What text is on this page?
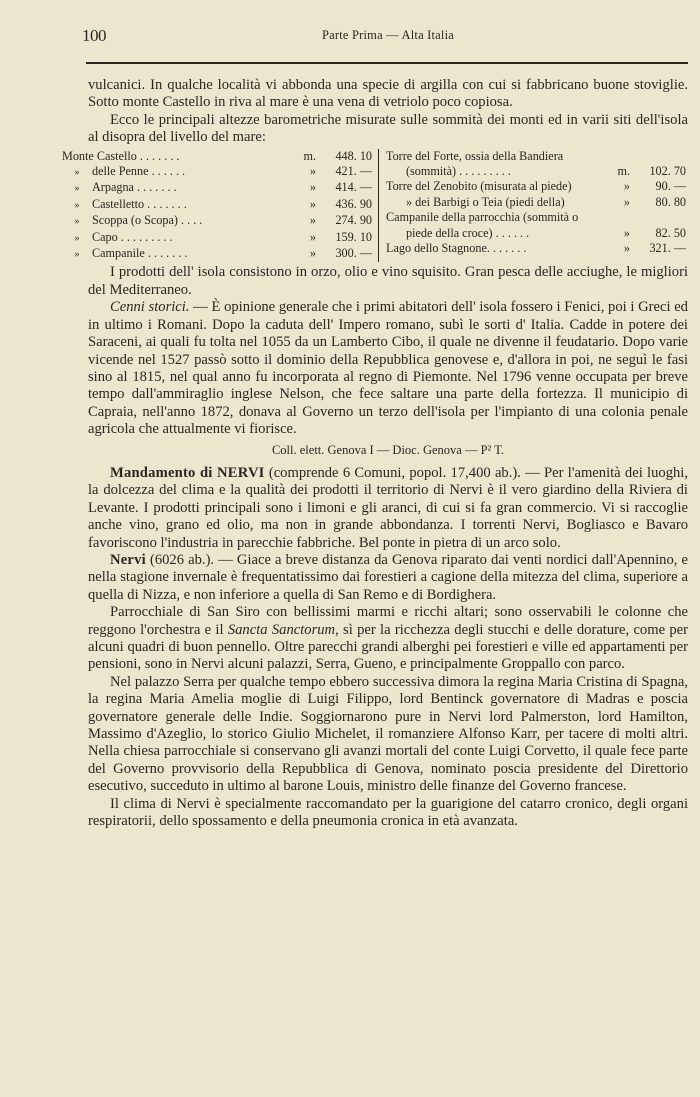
100	Parte Prima — Alta Italia

vulcanici. In qualche località vi abbonda una specie di argilla con cui si fabbricano buone stoviglie. Sotto monte Castello in riva al mare è una vena di vetriolo poco copiosa.

Ecco le principali altezze barometriche misurate sulle sommità dei monti ed in varii siti dell'isola al disopra del livello del mare:

Monte Castello . . . . . . .	m.	448. 10
» delle Penne . . . . . .	»	421. —
» Arpagna . . . . . . .	»	414. —
» Castelletto . . . . . . .	»	436. 90
» Scoppa (o Scopa) . . . .	»	274. 90
» Capo . . . . . . . . .	»	159. 10
» Campanile . . . . . . .	»	300. —
Torre del Forte, ossia della Bandiera
(sommità) . . . . . . . . .	m.	102. 70
Torre del Zenobito (misurata al piede)	»	90. —
» dei Barbigi o Teia (piedi della)	»	80. 80
Campanile della parrocchia (sommità o
piede della croce) . . . . . .	»	82. 50
Lago dello Stagnone. . . . . . .	»	321. —

I prodotti dell' isola consistono in orzo, olio e vino squisito. Gran pesca delle acciughe, le migliori del Mediterraneo.

Cenni storici. — È opinione generale che i primi abitatori dell' isola fossero i Fenici, poi i Greci ed in ultimo i Romani. Dopo la caduta dell' Impero romano, subì le sorti d' Italia. Cadde in potere dei Saraceni, ai quali fu tolta nel 1055 da un Lamberto Cibo, il quale ne divenne il feudatario. Dopo varie vicende nel 1527 passò sotto il dominio della Repubblica genovese e, d'allora in poi, ne seguì le fasi sino al 1815, nel qual anno fu incorporata al regno di Piemonte. Nel 1796 venne occupata per breve tempo dall'ammiraglio inglese Nelson, che fece saltare una parte della fortezza. Il municipio di Capraia, nell'anno 1872, donava al Governo un terzo dell'isola per l'impianto di una colonia penale agricola che attualmente vi fiorisce.

Coll. elett. Genova I — Dioc. Genova — P² T.

Mandamento di NERVI (comprende 6 Comuni, popol. 17,400 ab.). — Per l'amenità dei luoghi, la dolcezza del clima e la qualità dei prodotti il territorio di Nervi è il vero giardino della Riviera di Levante. I prodotti principali sono i limoni e gli aranci, di cui si fa gran commercio. Vi si raccoglie anche vino, grano ed olio, ma non in grande abbondanza. I torrenti Nervi, Bogliasco e Bavaro favoriscono l'industria in parecchie fabbriche. Bel ponte in pietra di un arco solo.

Nervi (6026 ab.). — Giace a breve distanza da Genova riparato dai venti nordici dall'Apennino, e nella stagione invernale è frequentatissimo dai forestieri a cagione della mitezza del clima, superiore a quella di Nizza, e non inferiore a quella di San Remo e di Bordighera.

Parrocchiale di San Siro con bellissimi marmi e ricchi altari; sono osservabili le colonne che reggono l'orchestra e il Sancta Sanctorum, sì per la ricchezza degli stucchi e delle dorature, come per alcuni quadri di buon pennello. Oltre parecchi grandi alberghi pei forestieri e ville ed appartamenti per pensioni, sono in Nervi alcuni palazzi, Serra, Gueno, e principalmente Groppallo con parco.

Nel palazzo Serra per qualche tempo ebbero successiva dimora la regina Maria Cristina di Spagna, la regina Maria Amelia moglie di Luigi Filippo, lord Bentinck governatore di Madras e poscia governatore generale delle Indie. Soggiornarono pure in Nervi lord Palmerston, lord Hamilton, Massimo d'Azeglio, lo storico Giulio Michelet, il romanziere Alfonso Karr, per tacere di molti altri. Nella chiesa parrocchiale si conservano gli avanzi mortali del conte Luigi Corvetto, il quale fece parte del Governo provvisorio della Repubblica di Genova, nominato poscia presidente del Direttorio esecutivo, succeduto in ultimo al barone Louis, ministro delle finanze del Governo francese.

Il clima di Nervi è specialmente raccomandato per la guarigione del catarro cronico, degli organi respiratorii, dello spossamento e della pneumonia cronica in età avanzata.
